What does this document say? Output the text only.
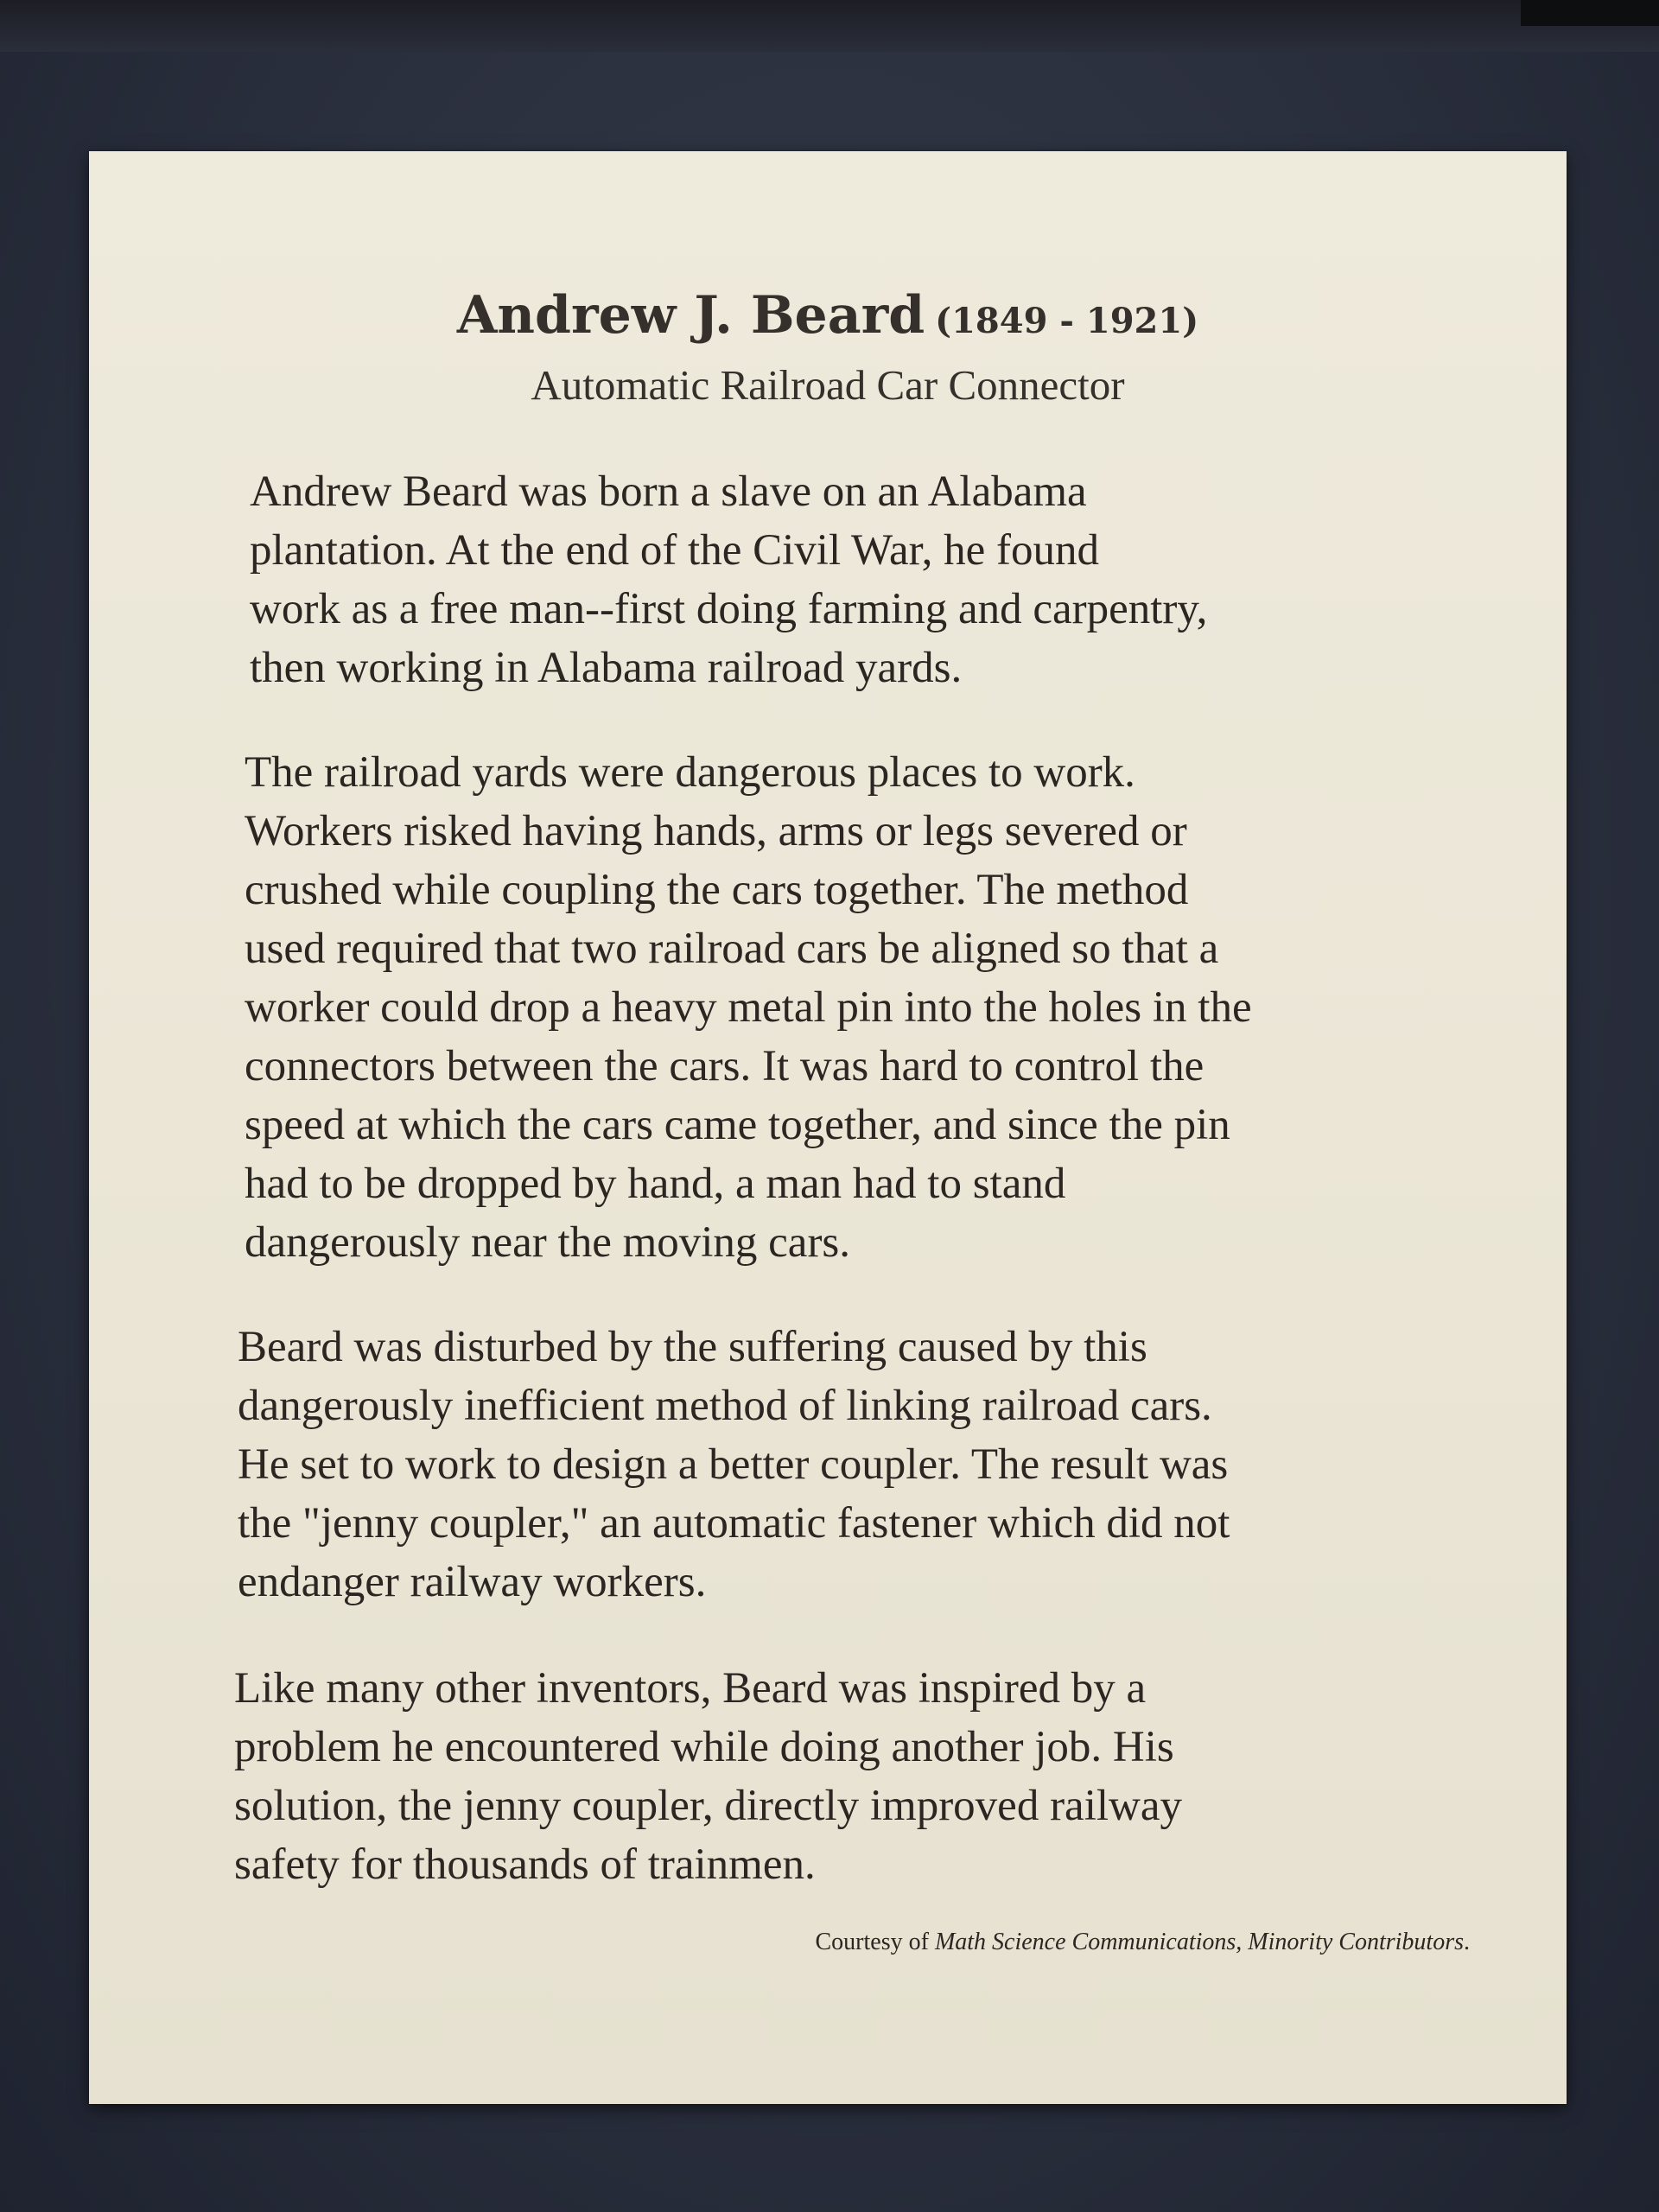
Andrew J. Beard (1849 - 1921)
Automatic Railroad Car Connector
Andrew Beard was born a slave on an Alabama
plantation. At the end of the Civil War, he found
work as a free man--first doing farming and carpentry,
then working in Alabama railroad yards.
The railroad yards were dangerous places to work.
Workers risked having hands, arms or legs severed or
crushed while coupling the cars together. The method
used required that two railroad cars be aligned so that a
worker could drop a heavy metal pin into the holes in the
connectors between the cars. It was hard to control the
speed at which the cars came together, and since the pin
had to be dropped by hand, a man had to stand
dangerously near the moving cars.
Beard was disturbed by the suffering caused by this
dangerously inefficient method of linking railroad cars.
He set to work to design a better coupler. The result was
the "jenny coupler," an automatic fastener which did not
endanger railway workers.
Like many other inventors, Beard was inspired by a
problem he encountered while doing another job. His
solution, the jenny coupler, directly improved railway
safety for thousands of trainmen.
Courtesy of Math Science Communications, Minority Contributors.
